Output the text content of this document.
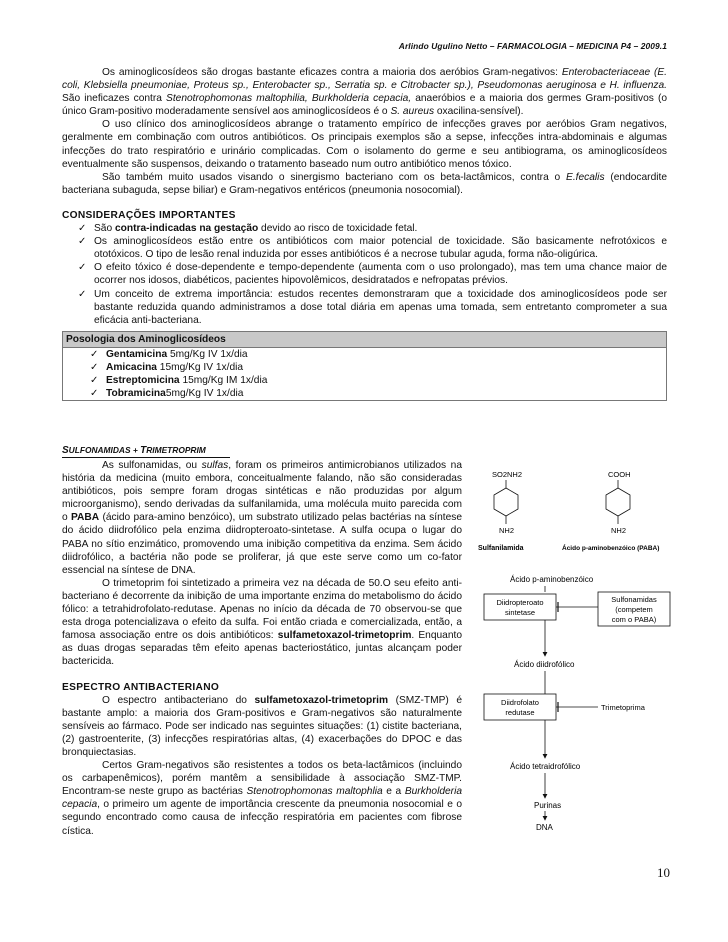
Arlindo Ugulino Netto – FARMACOLOGIA – MEDICINA P4 – 2009.1

Os aminoglicosídeos são drogas bastante eficazes contra a maioria dos aeróbios Gram-negativos: Enterobacteriaceae (E. coli, Klebsiella pneumoniae, Proteus sp., Enterobacter sp., Serratia sp. e Citrobacter sp.), Pseudomonas aeruginosa e H. influenza. São ineficazes contra Stenotrophomonas maltophilia, Burkholderia cepacia, anaeróbios e a maioria dos germes Gram-positivos (o único Gram-positivo moderadamente sensível aos aminoglicosídeos é o S. aureus oxacilina-sensível).

O uso clínico dos aminoglicosídeos abrange o tratamento empírico de infecções graves por aeróbios Gram negativos, geralmente em combinação com outros antibióticos. Os principais exemplos são a sepse, infecções intra-abdominais e algumas infecções do trato respiratório e urinário complicadas. Com o isolamento do germe e seu antibiograma, os aminoglicosídeos eventualmente são suspensos, deixando o tratamento baseado num outro antibiótico menos tóxico.

São também muito usados visando o sinergismo bacteriano com os beta-lactâmicos, contra o E.fecalis (endocardite bacteriana subaguda, sepse biliar) e Gram-negativos entéricos (pneumonia nosocomial).

CONSIDERAÇÕES IMPORTANTES
✓ São contra-indicadas na gestação devido ao risco de toxicidade fetal.
✓ Os aminoglicosídeos estão entre os antibióticos com maior potencial de toxicidade. São basicamente nefrotóxicos e ototóxicos. O tipo de lesão renal induzida por esses antibióticos é a necrose tubular aguda, forma não-oligúrica.
✓ O efeito tóxico é dose-dependente e tempo-dependente (aumenta com o uso prolongado), mas tem uma chance maior de ocorrer nos idosos, diabéticos, pacientes hipovolêmicos, desidratados e nefropatas prévios.
✓ Um conceito de extrema importância: estudos recentes demonstraram que a toxicidade dos aminoglicosídeos pode ser bastante reduzida quando administramos a dose total diária em apenas uma tomada, sem entretanto comprometer a sua eficácia anti-bacteriana.
Posologia dos Aminoglicosídeos
✓ Gentamicina 5mg/Kg IV 1x/dia
✓ Amicacina 15mg/Kg IV 1x/dia
✓ Estreptomicina 15mg/Kg IM 1x/dia
✓ Tobramicina5mg/Kg IV 1x/dia
SULFONAMIDAS + TRIMETROPRIM

As sulfonamidas, ou sulfas, foram os primeiros antimicrobianos utilizados na história da medicina (muito embora, conceitualmente falando, não são consideradas antibióticos, pois sempre foram drogas sintéticas e não produzidas por algum microorganismo), sendo derivadas da sulfanilamida, uma molécula muito parecida com o PABA (ácido para-amino benzóico), um substrato utilizado pelas bactérias na síntese do ácido diidrofólico pela enzima diidropteroato-sintetase. A sulfa ocupa o lugar do PABA no sítio enzimático, promovendo uma inibição competitiva da enzima. Sem ácido diidrofólico, a bactéria não pode se proliferar, já que este serve como um co-fator essencial na síntese de DNA.

O trimetoprim foi sintetizado a primeira vez na década de 50.O seu efeito anti-bacteriano é decorrente da inibição de uma importante enzima do metabolismo do ácido fólico: a tetrahidrofolato-redutase. Apenas no início da década de 70 observou-se que esta droga potencializava o efeito da sulfa. Foi então criada e comercializada, então, a famosa associação entre os dois antibióticos: sulfametoxazol-trimetoprim. Enquanto as duas drogas separadas têm efeito apenas bacteriostático, juntas alcançam poder bactericida.

ESPECTRO ANTIBACTERIANO

O espectro antibacteriano do sulfametoxazol-trimetoprim (SMZ-TMP) é bastante amplo: a maioria dos Gram-positivos e Gram-negativos são naturalmente sensíveis ao fármaco. Pode ser indicado nas seguintes situações: (1) cistite bacteriana, (2) gastroenterite, (3) infecções respiratórias altas, (4) exacerbações do DPOC e das bronquiectasias.

Certos Gram-negativos são resistentes a todos os beta-lactâmicos (incluindo os carbapenêmicos), porém mantêm a sensibilidade à associação SMZ-TMP. Encontram-se neste grupo as bactérias Stenotrophomonas maltophlia e a Burkholderia cepacia, o primeiro um agente de importância crescente da pneumonia nosocomial e o segundo encontrado como causa de infecção respiratória em pacientes com fibrose cística.

SO2NH2
NH2
Sulfanilamida
COOH
NH2
Ácido p-aminobenzóico (PABA)
Ácido p-aminobenzóico
Diidropteroato
sintetase
Sulfonamidas
(competem
com o PABA)
Ácido diidrofólico
Diidrofolato
redutase
Trimetoprima
Ácido tetraidrofólico
Purinas
DNA
10
